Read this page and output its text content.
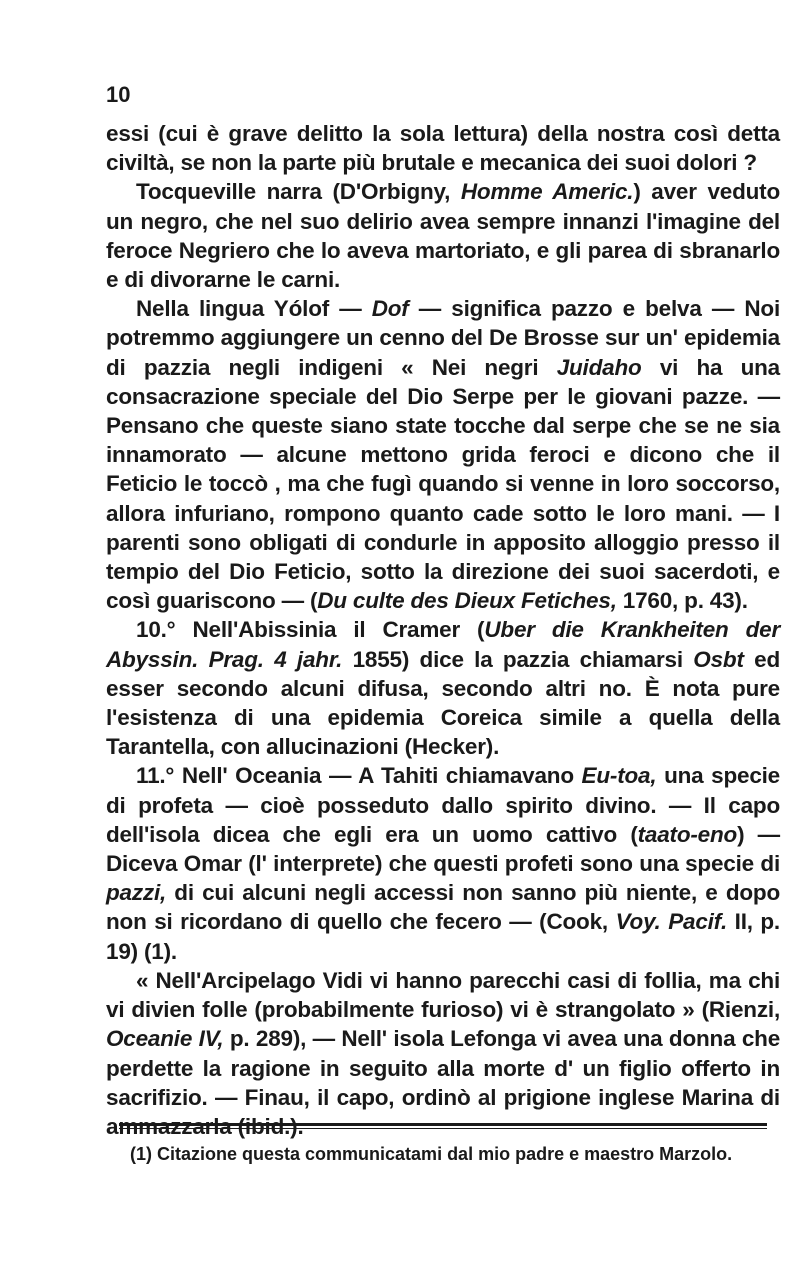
10

essi (cui è grave delitto la sola lettura) della nostra così detta civiltà, se non la parte più brutale e mecanica dei suoi dolori ?

Tocqueville narra (D'Orbigny, Homme Americ.) aver veduto un negro, che nel suo delirio avea sempre innanzi l'imagine del feroce Negriero che lo aveva martoriato, e gli parea di sbranarlo e di divorarne le carni.

Nella lingua Yólof — Dof — significa pazzo e belva — Noi potremmo aggiungere un cenno del De Brosse sur un' epidemia di pazzia negli indigeni « Nei negri Juidaho vi ha una consacrazione speciale del Dio Serpe per le giovani pazze. — Pensano che queste siano state tocche dal serpe che se ne sia innamorato — alcune mettono grida feroci e dicono che il Feticio le toccò , ma che fugì quando si venne in loro soccorso, allora infuriano, rompono quanto cade sotto le loro mani. — I parenti sono obligati di condurle in apposito alloggio presso il tempio del Dio Feticio, sotto la direzione dei suoi sacerdoti, e così guariscono — (Du culte des Dieux Fetiches, 1760, p. 43).

10.° Nell'Abissinia il Cramer (Uber die Krankheiten der Abyssin. Prag. 4 jahr. 1855) dice la pazzia chiamarsi Osbt ed esser secondo alcuni difusa, secondo altri no. È nota pure l'esistenza di una epidemia Coreica simile a quella della Tarantella, con allucinazioni (Hecker).

11.° Nell' Oceania — A Tahiti chiamavano Eu-toa, una specie di profeta — cioè posseduto dallo spirito divino. — Il capo dell'isola dicea che egli era un uomo cattivo (taato-eno) — Diceva Omar (l' interprete) che questi profeti sono una specie di pazzi, di cui alcuni negli accessi non sanno più niente, e dopo non si ricordano di quello che fecero — (Cook, Voy. Pacif. II, p. 19) (1).

« Nell'Arcipelago Vidi vi hanno parecchi casi di follia, ma chi vi divien folle (probabilmente furioso) vi è strangolato » (Rienzi, Oceanie IV, p. 289), — Nell' isola Lefonga vi avea una donna che perdette la ragione in seguito alla morte d' un figlio offerto in sacrifizio. — Finau, il capo, ordinò al prigione inglese Marina di ammazzarla (ibid.).

(1) Citazione questa communicatami dal mio padre e maestro Marzolo.
